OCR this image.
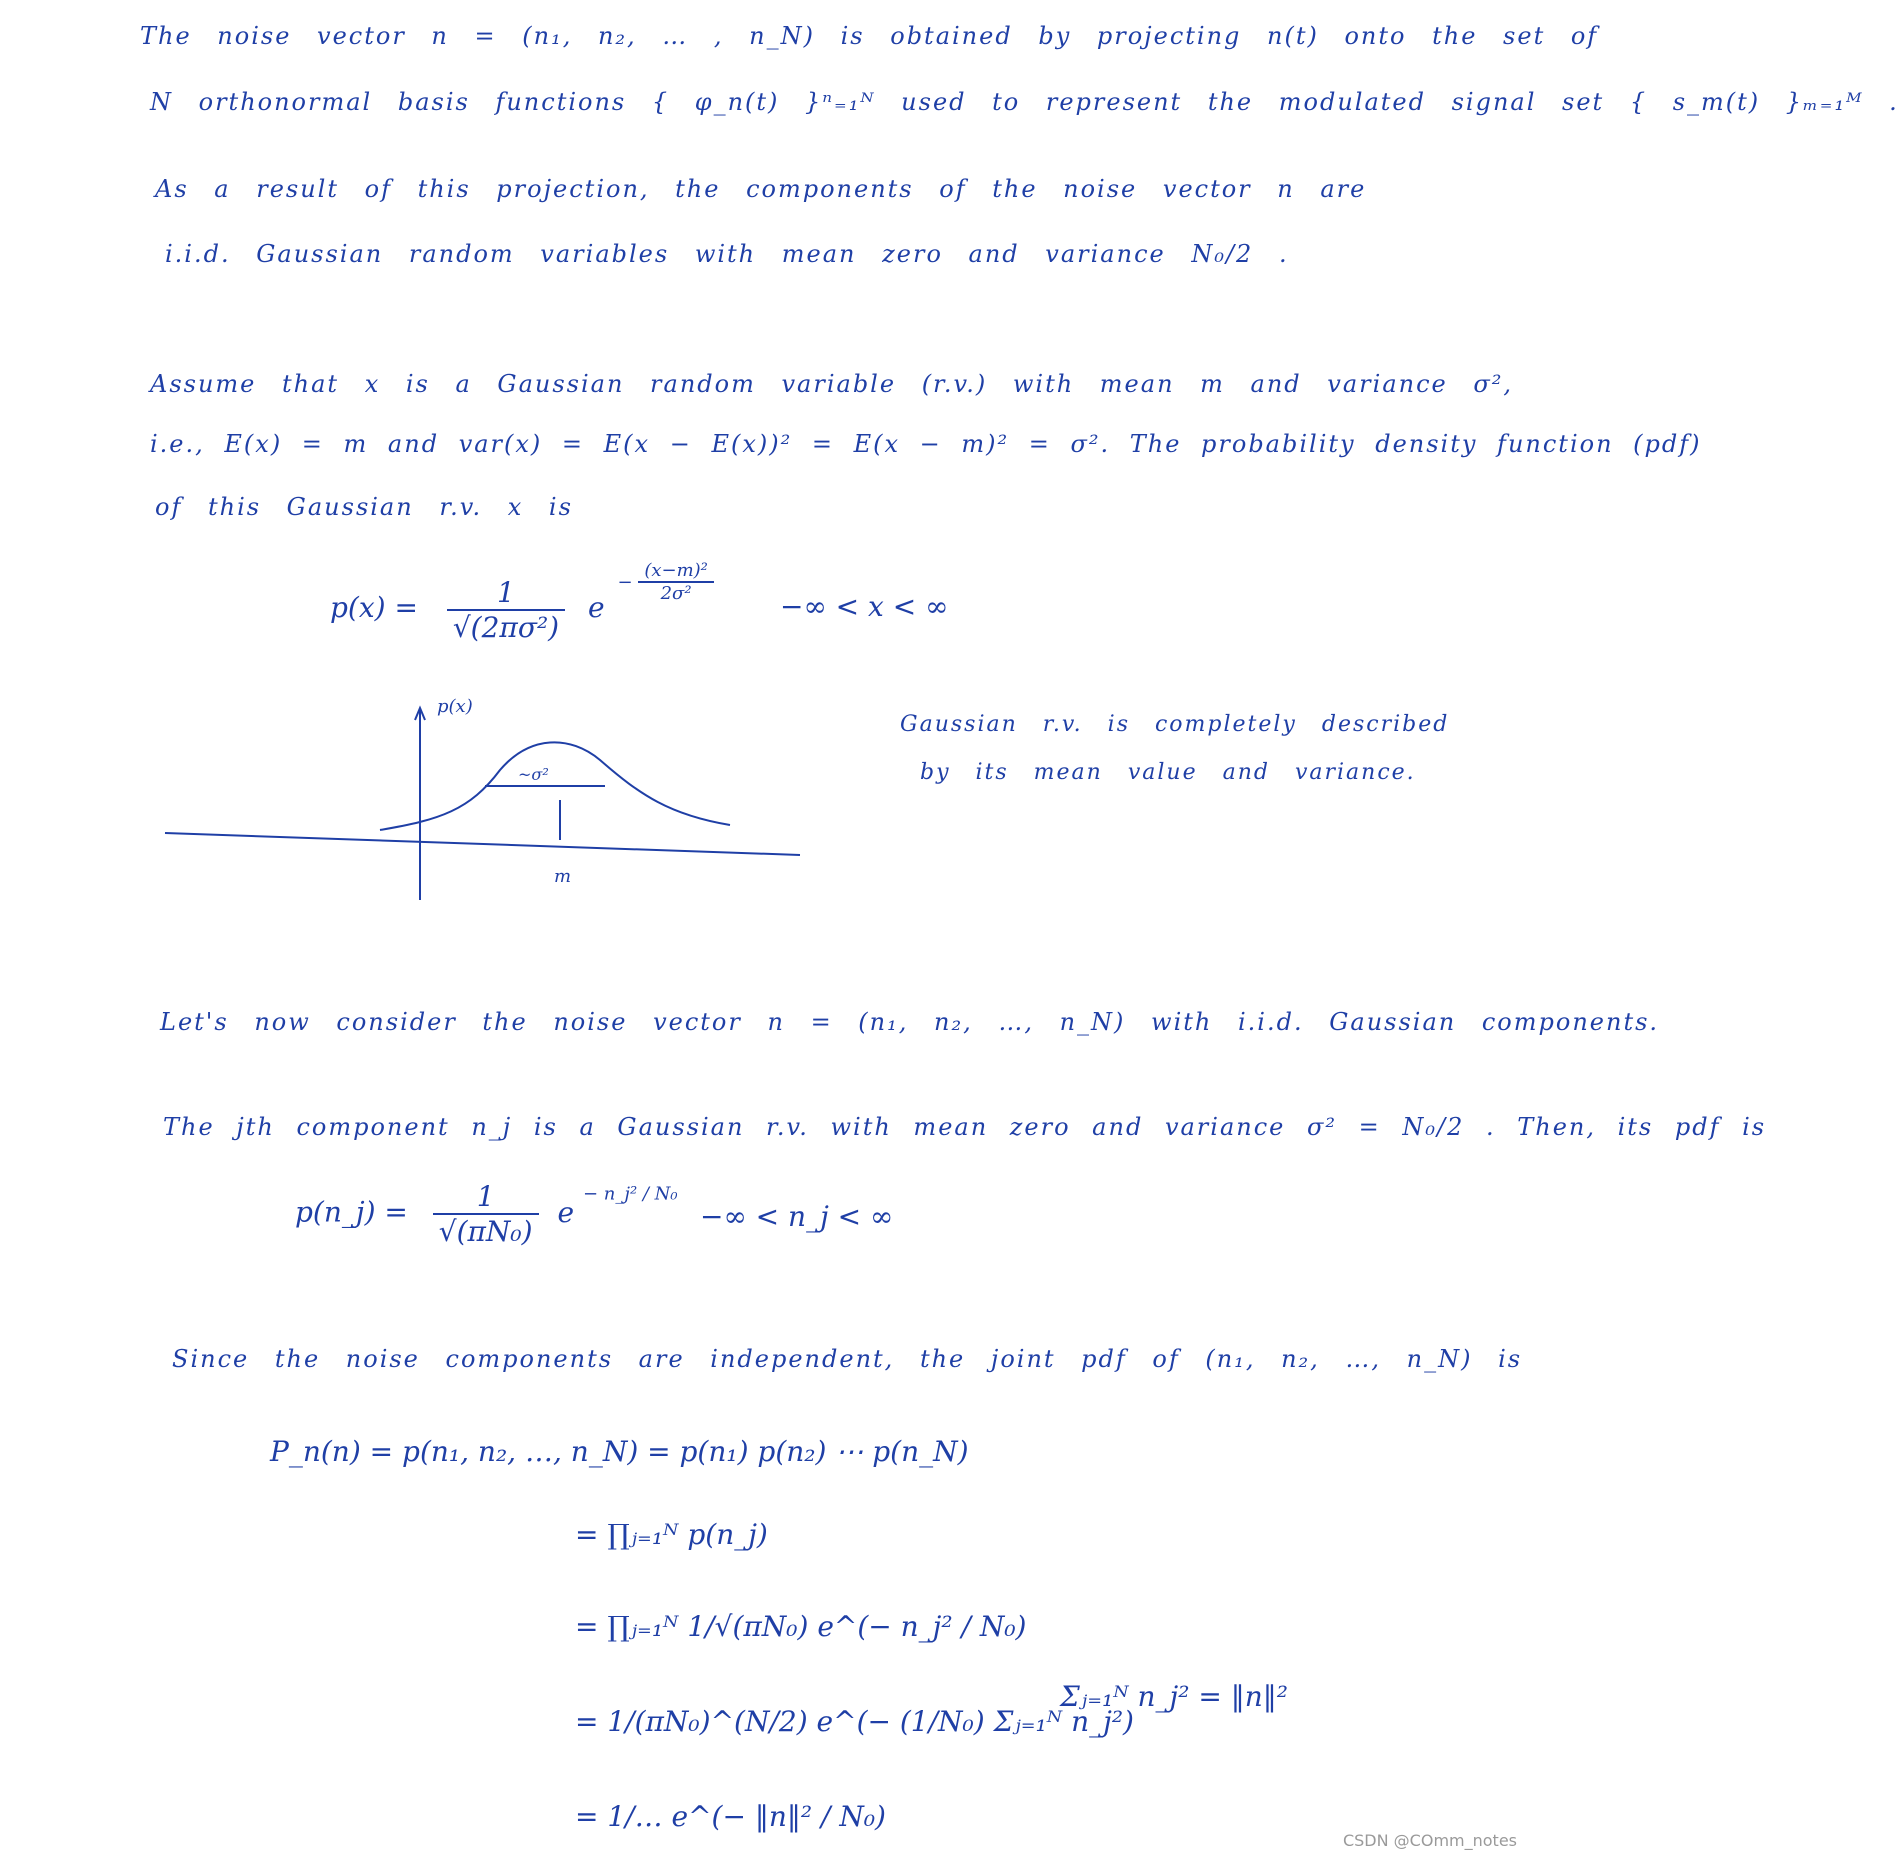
The noise vector n = (n₁, n₂, … , n_N) is obtained by projecting n(t) onto the set of
N orthonormal basis functions { φ_n(t) }ⁿ₌₁ᴺ used to represent the modulated signal set { s_m(t) }ₘ₌₁ᴹ .
As a result of this projection, the components of the noise vector n are
i.i.d. Gaussian random variables with mean zero and variance N₀/2 .
Assume that x is a Gaussian random variable (r.v.) with mean m and variance σ²,
i.e., E(x) = m and var(x) = E(x − E(x))² = E(x − m)² = σ². The probability density function (pdf)
of this Gaussian r.v. x is
$p(x) = \frac{1}{\text{√(2πσ²)}}$ $e - \frac{\text{(x−m)²}}{\text{2σ²}}$
−∞ < x < ∞
p(x)
~σ²
m
Gaussian r.v. is completely described
by its mean value and variance.
Let's now consider the noise vector n = (n₁, n₂, …, n_N) with i.i.d. Gaussian components.
The jth component n_j is a Gaussian r.v. with mean zero and variance σ² = N₀/2 . Then, its pdf is
p(n_j) = $\frac{1}{\text{√(πN₀)}}$ e $^{- n\_j^2 / N_0}$
−∞ < n_j < ∞
Since the noise components are independent, the joint pdf of (n₁, n₂, …, n_N) is
P_n(n) = p(n₁, n₂, …, n_N) = p(n₁) p(n₂) ⋯ p(n_N)
= ∏ⱼ₌₁ᴺ p(n_j)
= ∏ⱼ₌₁ᴺ 1/√(πN₀) e^(− n_j² / N₀)
= 1/(πN₀)^(N/2) e^(− (1/N₀) Σⱼ₌₁ᴺ n_j²)
= 1/… e^(− ‖n‖² / N₀)
Σⱼ₌₁ᴺ n_j² = ‖n‖²
CSDN @COmm_notes
